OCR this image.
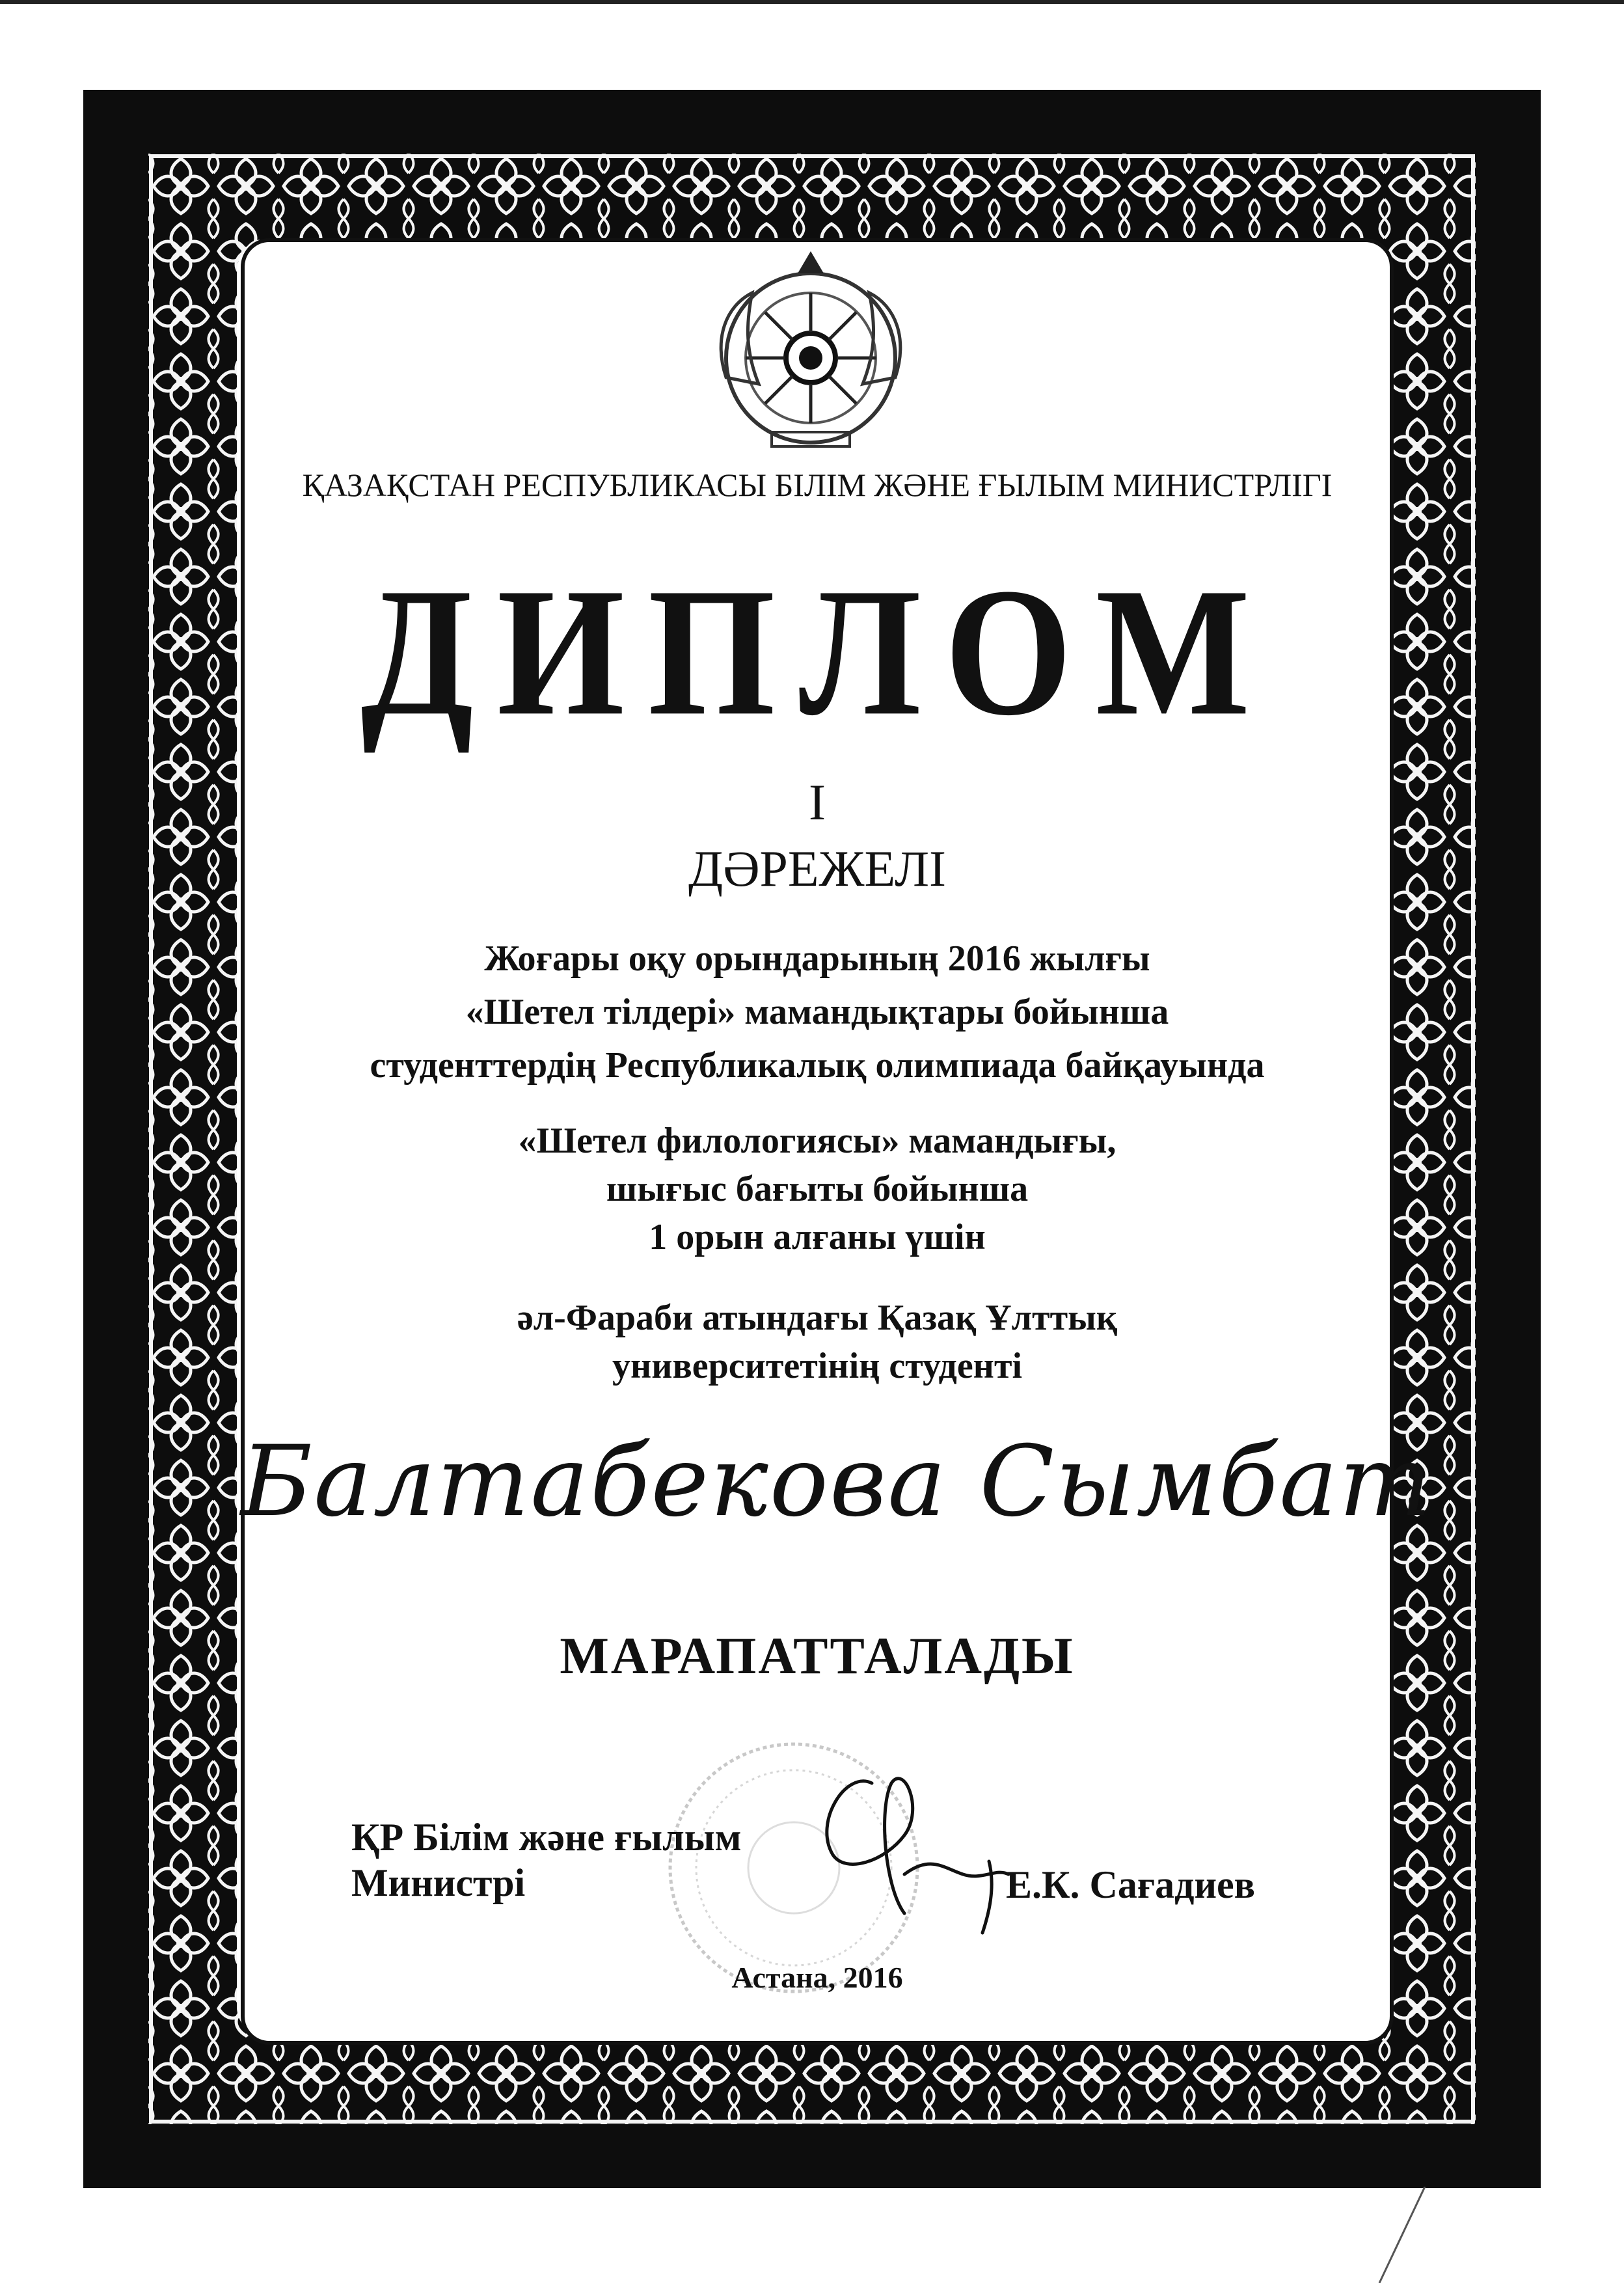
ҚАЗАҚСТАН РЕСПУБЛИКАСЫ БІЛІМ ЖӘНЕ ҒЫЛЫМ МИНИСТРЛІГІ
ДИПЛОМ
I
ДӘРЕЖЕЛІ
Жоғары оқу орындарының 2016 жылғы
«Шетел тілдері» мамандықтары бойынша
студенттердің Республикалық олимпиада байқауында
«Шетел филологиясы» мамандығы,
шығыс бағыты бойынша
1 орын алғаны үшін
әл-Фараби атындағы Қазақ Ұлттық
университетінің студенті
Балтабекова Сымбат
МАРАПАТТАЛАДЫ
ҚР Білім және ғылым
Министрі	Е.К. Сағадиев
Астана, 2016
